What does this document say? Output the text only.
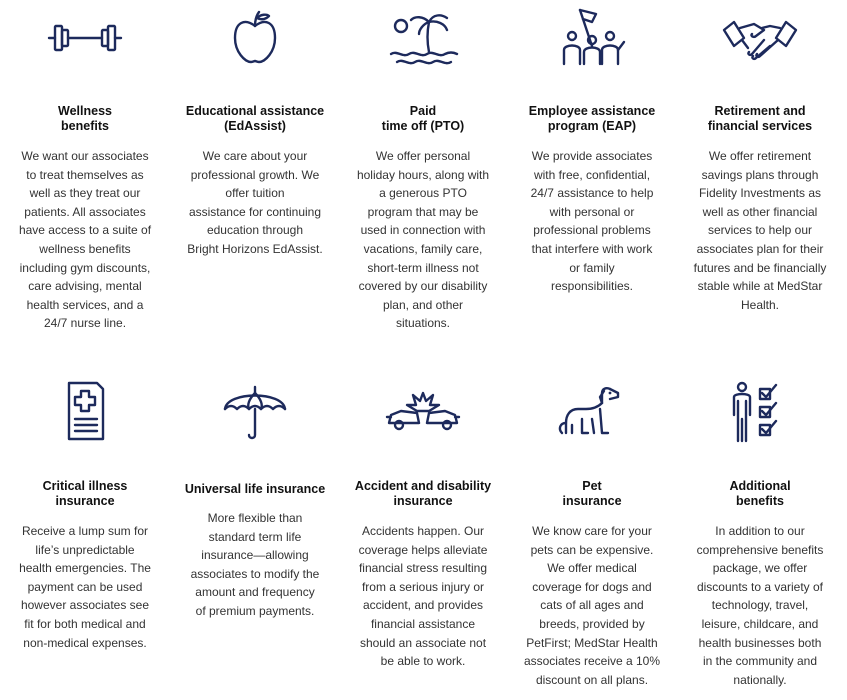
Wellness
benefits
We want our associates
to treat themselves as
well as they treat our
patients. All associates
have access to a suite of
wellness benefits
including gym discounts,
care advising, mental
health services, and a
24/7 nurse line.
Educational assistance
(EdAssist)
We care about your
professional growth. We
offer tuition
assistance for continuing
education through
Bright Horizons EdAssist.
Paid
time off (PTO)
We offer personal
holiday hours, along with
a generous PTO
program that may be
used in connection with
vacations, family care,
short-term illness not
covered by our disability
plan, and other
situations.
Employee assistance
program (EAP)
We provide associates
with free, confidential,
24/7 assistance to help
with personal or
professional problems
that interfere with work
or family
responsibilities.
Retirement and
financial services
We offer retirement
savings plans through
Fidelity Investments as
well as other financial
services to help our
associates plan for their
futures and be financially
stable while at MedStar
Health.
Critical illness
insurance
Receive a lump sum for
life’s unpredictable
health emergencies. The
payment can be used
however associates see
fit for both medical and
non-medical expenses.
Universal life insurance
More flexible than
standard term life
insurance—allowing
associates to modify the
amount and frequency
of premium payments.
Accident and disability
insurance
Accidents happen. Our
coverage helps alleviate
financial stress resulting
from a serious injury or
accident, and provides
financial assistance
should an associate not
be able to work.
Pet
insurance
We know care for your
pets can be expensive.
We offer medical
coverage for dogs and
cats of all ages and
breeds, provided by
PetFirst; MedStar Health
associates receive a 10%
discount on all plans.
Additional
benefits
In addition to our
comprehensive benefits
package, we offer
discounts to a variety of
technology, travel,
leisure, childcare, and
health businesses both
in the community and
nationally.
